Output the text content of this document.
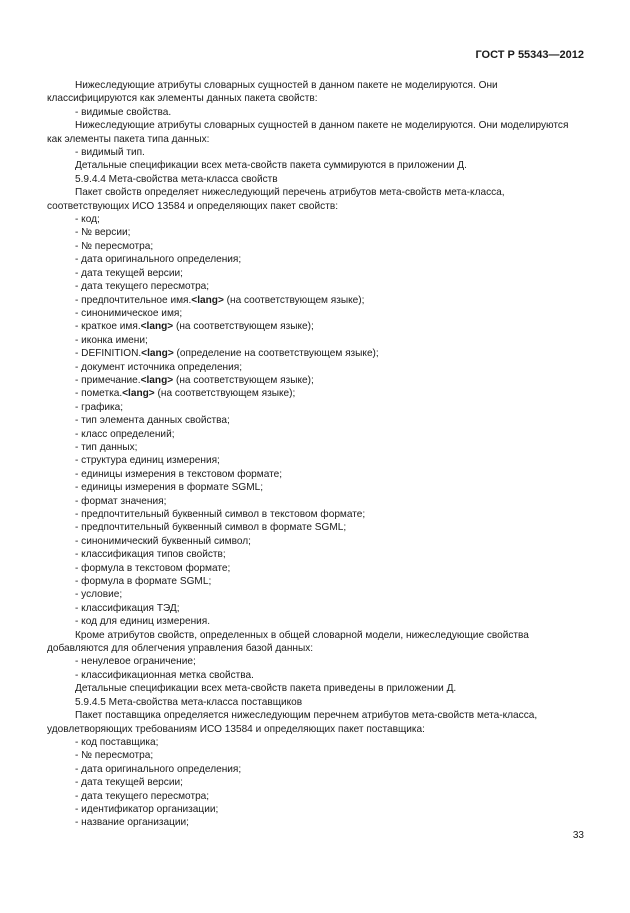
ГОСТ Р 55343—2012

Нижеследующие атрибуты словарных сущностей в данном пакете не моделируются. Они классифицируются как элементы данных пакета свойств:

- видимые свойства.

Нижеследующие атрибуты словарных сущностей в данном пакете не моделируются. Они моделируются как элементы пакета типа данных:

- видимый тип.

Детальные спецификации всех мета-свойств пакета суммируются в приложении Д.

5.9.4.4 Мета-свойства мета-класса свойств

Пакет свойств определяет нижеследующий перечень атрибутов мета-свойств мета-класса, соответствующих ИСО 13584 и определяющих пакет свойств:

- код;

- № версии;

- № пересмотра;

- дата оригинального определения;

- дата текущей версии;

- дата текущего пересмотра;

- предпочтительное имя.<lang> (на соответствующем языке);

- синонимическое имя;

- краткое имя.<lang> (на соответствующем языке);

- иконка имени;

- DEFINITION.<lang> (определение на соответствующем языке);

- документ источника определения;

- примечание.<lang> (на соответствующем языке);

- пометка.<lang> (на соответствующем языке);

- графика;

- тип элемента данных свойства;

- класс определений;

- тип данных;

- структура единиц измерения;

- единицы измерения в текстовом формате;

- единицы измерения в формате SGML;

- формат значения;

- предпочтительный буквенный символ в текстовом формате;

- предпочтительный буквенный символ в формате SGML;

- синонимический буквенный символ;

- классификация типов свойств;

- формула в текстовом формате;

- формула в формате SGML;

- условие;

- классификация ТЭД;

- код для единиц измерения.

Кроме атрибутов свойств, определенных в общей словарной модели, нижеследующие свойства добавляются для облегчения управления базой данных:

- ненулевое ограничение;

- классификационная метка свойства.

Детальные спецификации всех мета-свойств пакета приведены в приложении Д.

5.9.4.5 Мета-свойства мета-класса поставщиков

Пакет поставщика определяется нижеследующим перечнем атрибутов мета-свойств мета-класса, удовлетворяющих требованиям ИСО 13584 и определяющих пакет поставщика:

- код поставщика;

- № пересмотра;

- дата оригинального определения;

- дата текущей версии;

- дата текущего пересмотра;

- идентификатор организации;

- название организации;

33
